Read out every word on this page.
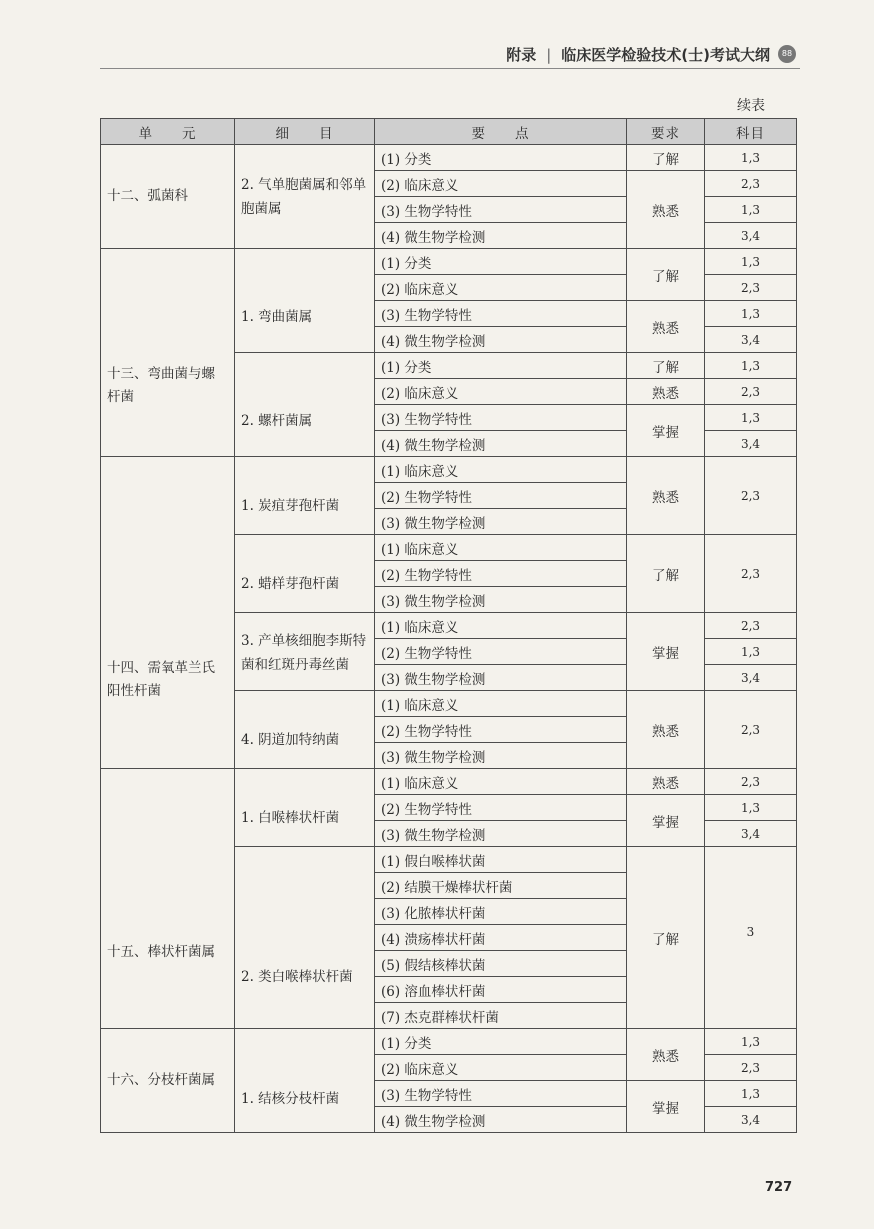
附录 | 临床医学检验技术(士)考试大纲	88
续表
单　　元	细　　目	要　　点	要求	科目
十二、弧菌科	2. 气单胞菌属和邻单胞菌属	(1) 分类	了解	1,3
		(2) 临床意义	熟悉	2,3
		(3) 生物学特性		1,3
		(4) 微生物学检测		3,4
十三、弯曲菌与螺杆菌	1. 弯曲菌属	(1) 分类	了解	1,3
		(2) 临床意义		2,3
		(3) 生物学特性	熟悉	1,3
		(4) 微生物学检测		3,4
	2. 螺杆菌属	(1) 分类	了解	1,3
		(2) 临床意义	熟悉	2,3
		(3) 生物学特性	掌握	1,3
		(4) 微生物学检测		3,4
十四、需氧革兰氏阳性杆菌	1. 炭疽芽孢杆菌	(1) 临床意义	熟悉	2,3
		(2) 生物学特性		
		(3) 微生物学检测		
	2. 蜡样芽孢杆菌	(1) 临床意义	了解	2,3
		(2) 生物学特性		
		(3) 微生物学检测		
	3. 产单核细胞李斯特菌和红斑丹毒丝菌	(1) 临床意义	掌握	2,3
		(2) 生物学特性		1,3
		(3) 微生物学检测		3,4
	4. 阴道加特纳菌	(1) 临床意义	熟悉	2,3
		(2) 生物学特性		
		(3) 微生物学检测		
十五、棒状杆菌属	1. 白喉棒状杆菌	(1) 临床意义	熟悉	2,3
		(2) 生物学特性	掌握	1,3
		(3) 微生物学检测		3,4
	2. 类白喉棒状杆菌	(1) 假白喉棒状菌	了解	3
		(2) 结膜干燥棒状杆菌		
		(3) 化脓棒状杆菌		
		(4) 溃疡棒状杆菌		
		(5) 假结核棒状菌		
		(6) 溶血棒状杆菌		
		(7) 杰克群棒状杆菌		
十六、分枝杆菌属	1. 结核分枝杆菌	(1) 分类	熟悉	1,3
		(2) 临床意义		2,3
		(3) 生物学特性	掌握	1,3
		(4) 微生物学检测		3,4
727
